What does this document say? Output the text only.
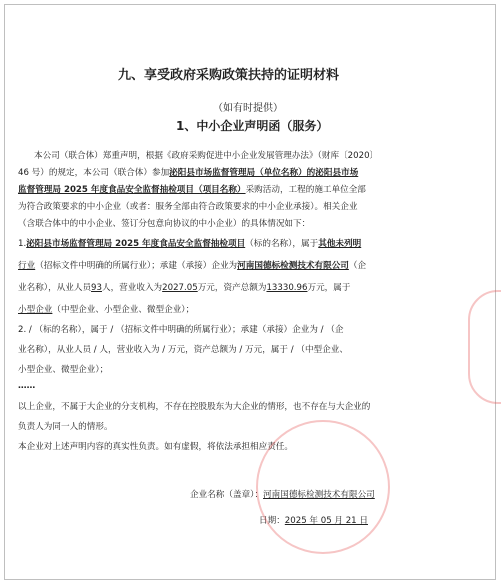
九、享受政府采购政策扶持的证明材料
（如有时提供）
1、中小企业声明函（服务）
本公司（联合体）郑重声明，根据《政府采购促进中小企业发展管理办法》（财库〔2020〕
46 号）的规定，本公司（联合体）参加泌阳县市场监督管理局（单位名称）的泌阳县市场
监督管理局 2025 年度食品安全监督抽检项目（项目名称）采购活动，工程的施工单位全部
为符合政策要求的中小企业（或者：服务全部由符合政策要求的中小企业承接）。相关企业
（含联合体中的中小企业、签订分包意向协议的中小企业）的具体情况如下：
1.泌阳县市场监督管理局 2025 年度食品安全监督抽检项目（标的名称），属于其他未列明
行业（招标文件中明确的所属行业）；承建（承接）企业为河南国德标检测技术有限公司（企
业名称），从业人员93人，营业收入为2027.05万元，资产总额为13330.96万元，属于
小型企业（中型企业、小型企业、微型企业）；
2. / （标的名称），属于 / （招标文件中明确的所属行业）；承建（承接）企业为 / （企
业名称），从业人员 / 人，营业收入为 / 万元，资产总额为 / 万元，属于 / （中型企业、
小型企业、微型企业）；
……
以上企业，不属于大企业的分支机构，不存在控股股东为大企业的情形，也不存在与大企业的
负责人为同一人的情形。
本企业对上述声明内容的真实性负责。如有虚假，将依法承担相应责任。
企业名称（盖章）：河南国德标检测技术有限公司
日期：2025 年 05 月 21 日
